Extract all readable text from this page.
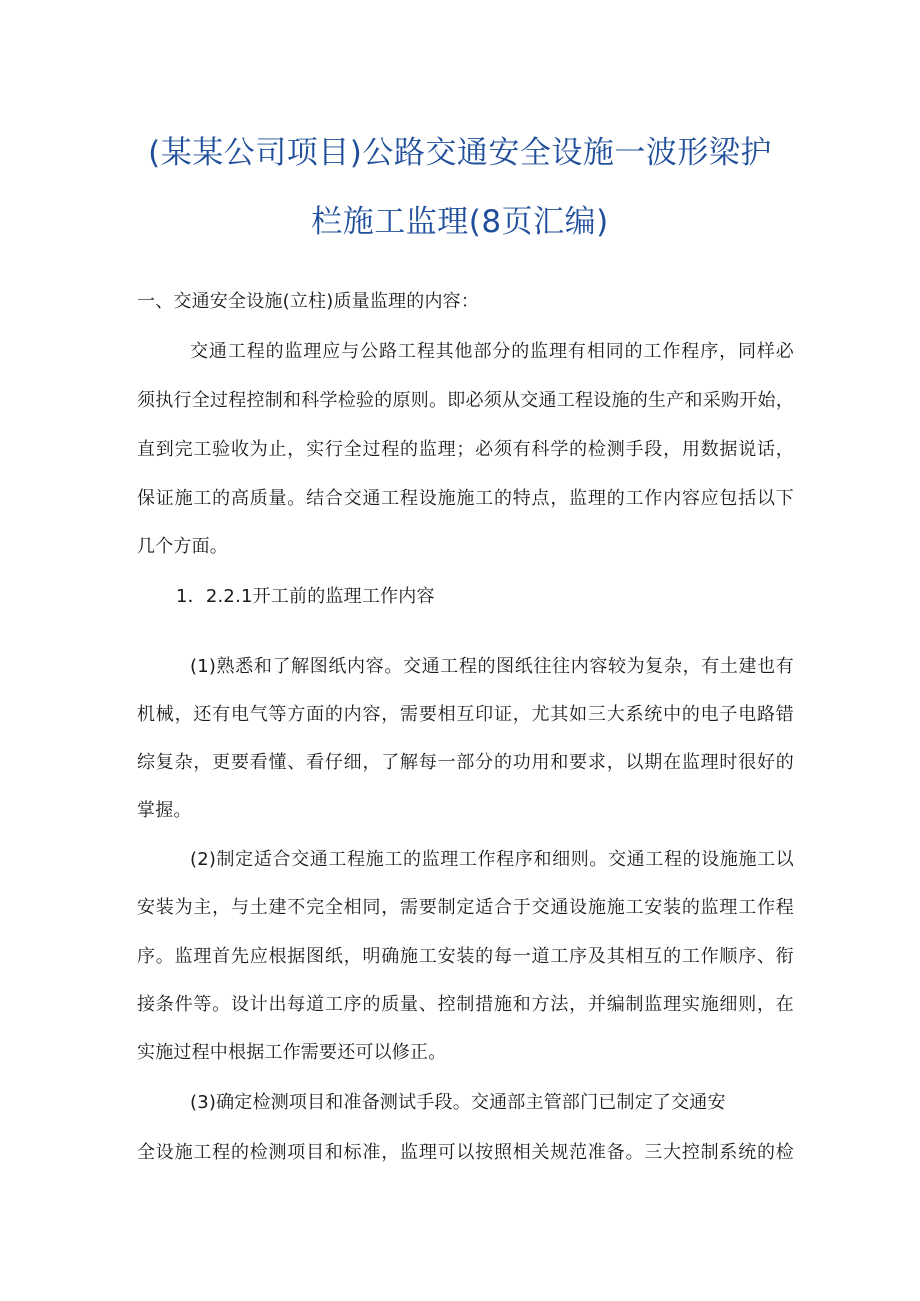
(某某公司项目)公路交通安全设施一波形梁护
栏施工监理(8页汇编)
一、交通安全设施(立柱)质量监理的内容：
交通工程的监理应与公路工程其他部分的监理有相同的工作程序，同样必
须执行全过程控制和科学检验的原则。即必须从交通工程设施的生产和采购开始，
直到完工验收为止，实行全过程的监理；必须有科学的检测手段，用数据说话，
保证施工的高质量。结合交通工程设施施工的特点，监理的工作内容应包括以下
几个方面。
1．2.2.1开工前的监理工作内容
(1)熟悉和了解图纸内容。交通工程的图纸往往内容较为复杂，有土建也有
机械，还有电气等方面的内容，需要相互印证，尤其如三大系统中的电子电路错
综复杂，更要看懂、看仔细，了解每一部分的功用和要求，以期在监理时很好的
掌握。
(2)制定适合交通工程施工的监理工作程序和细则。交通工程的设施施工以
安装为主，与土建不完全相同，需要制定适合于交通设施施工安装的监理工作程
序。监理首先应根据图纸，明确施工安装的每一道工序及其相互的工作顺序、衔
接条件等。设计出每道工序的质量、控制措施和方法，并编制监理实施细则，在
实施过程中根据工作需要还可以修正。
(3)确定检测项目和准备测试手段。交通部主管部门已制定了交通安
全设施工程的检测项目和标准，监理可以按照相关规范准备。三大控制系统的检
